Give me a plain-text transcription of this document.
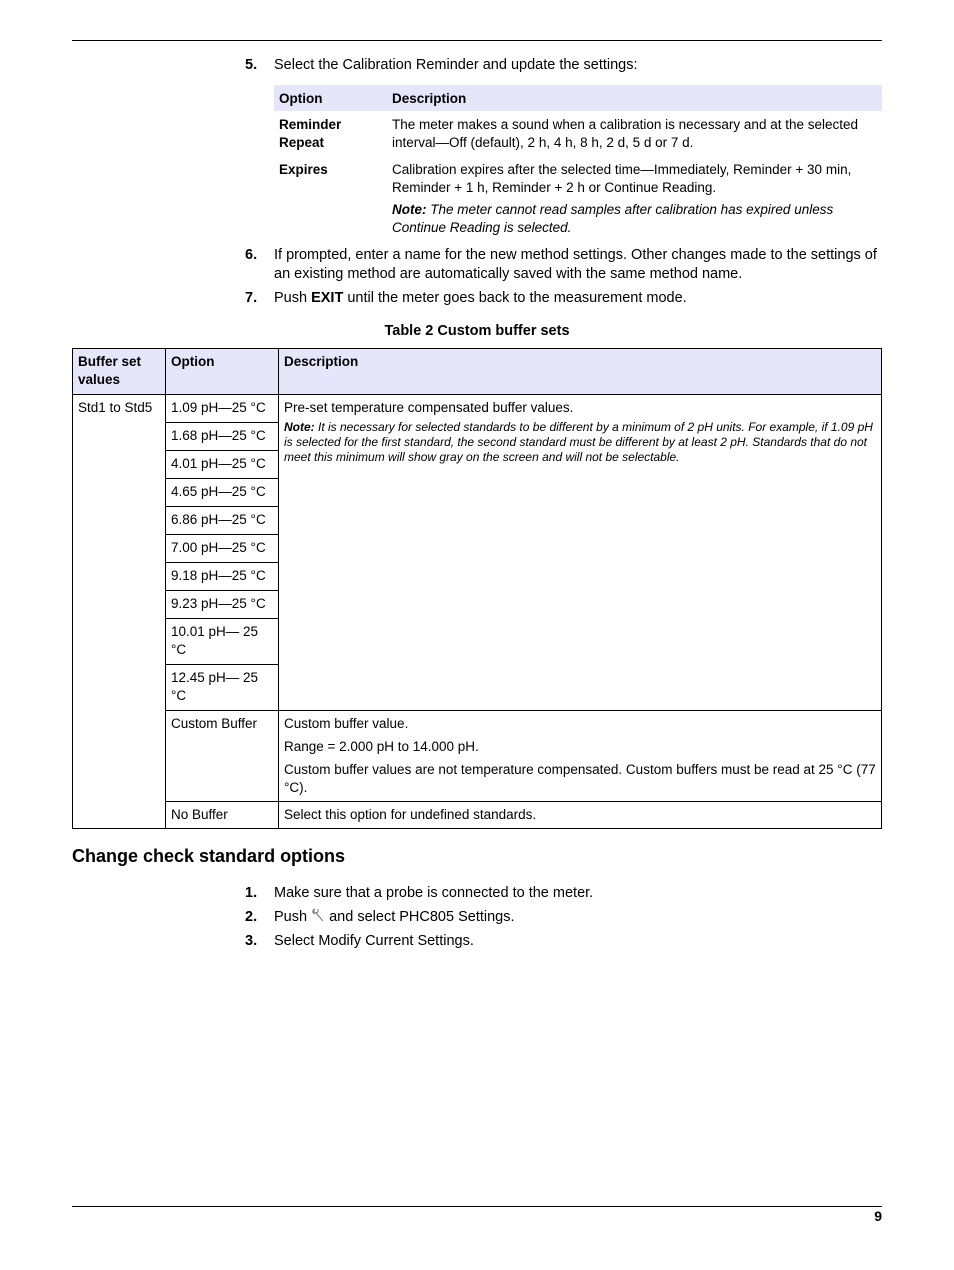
5. Select the Calibration Reminder and update the settings:
Option	Description
Reminder Repeat	The meter makes a sound when a calibration is necessary and at the selected interval—Off (default), 2 h, 4 h, 8 h, 2 d, 5 d or 7 d.
Expires	Calibration expires after the selected time—Immediately, Reminder + 30 min, Reminder + 1 h, Reminder + 2 h or Continue Reading.
Note: The meter cannot read samples after calibration has expired unless Continue Reading is selected.
6. If prompted, enter a name for the new method settings. Other changes made to the settings of an existing method are automatically saved with the same method name.
7. Push EXIT until the meter goes back to the measurement mode.
Table 2 Custom buffer sets
Buffer set values	Option	Description
Std1 to Std5	1.09 pH—25 °C	Pre-set temperature compensated buffer values.
Note: It is necessary for selected standards to be different by a minimum of 2 pH units. For example, if 1.09 pH is selected for the first standard, the second standard must be different by at least 2 pH. Standards that do not meet this minimum will show gray on the screen and will not be selectable.

	1.68 pH—25 °C	
	4.01 pH—25 °C	
	4.65 pH—25 °C	
	6.86 pH—25 °C	
	7.00 pH—25 °C	
	9.18 pH—25 °C	
	9.23 pH—25 °C	
	10.01 pH— 25 °C	
	12.45 pH— 25 °C	
	Custom Buffer	Custom buffer value.
Range = 2.000 pH to 14.000 pH.
Custom buffer values are not temperature compensated. Custom buffers must be read at 25 °C (77 °C).

	No Buffer	Select this option for undefined standards.
Change check standard options
1. Make sure that a probe is connected to the meter.
2. Push  and select PHC805 Settings.
3. Select Modify Current Settings.
9
